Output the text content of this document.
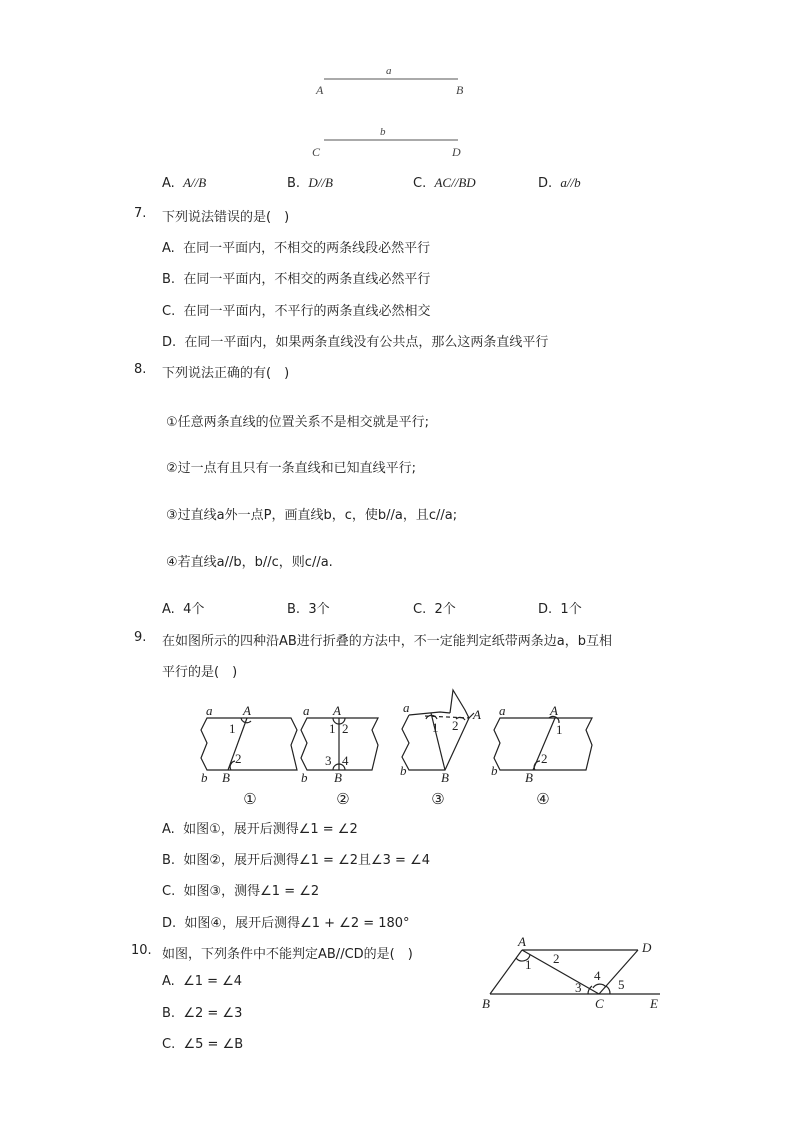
a
A	B
b
C	D
A. A//B	B. D//B	C. AC//BD	D. a//b
7. 下列说法错误的是(　)
A. 在同一平面内，不相交的两条线段必然平行
B. 在同一平面内，不相交的两条直线必然平行
C. 在同一平面内，不平行的两条直线必然相交
D. 在同一平面内，如果两条直线没有公共点，那么这两条直线平行
8. 下列说法正确的有(　)
①任意两条直线的位置关系不是相交就是平行;
②过一点有且只有一条直线和已知直线平行;
③过直线a外一点P，画直线b，c，使b//a，且c//a;
④若直线a//b，b//c，则c//a.
A. 4个	B. 3个	C. 2个	D. 1个
9. 在如图所示的四种沿AB进行折叠的方法中，不一定能判定纸带两条边a，b互相
平行的是(　)
a A
1
2
b B
a A
1 2
3 4
b B
a	A
1 2
b	B
a	A
1
2
b B
①	②	③	④
A. 如图①，展开后测得∠1 = ∠2
B. 如图②，展开后测得∠1 = ∠2且∠3 = ∠4
C. 如图③，测得∠1 = ∠2
D. 如图④，展开后测得∠1 + ∠2 = 180°
10. 如图，下列条件中不能判定AB//CD的是(　)
A. ∠1 = ∠4
B. ∠2 = ∠3
C. ∠5 = ∠B
A	D
1 2
3
4
5
B	C	E
